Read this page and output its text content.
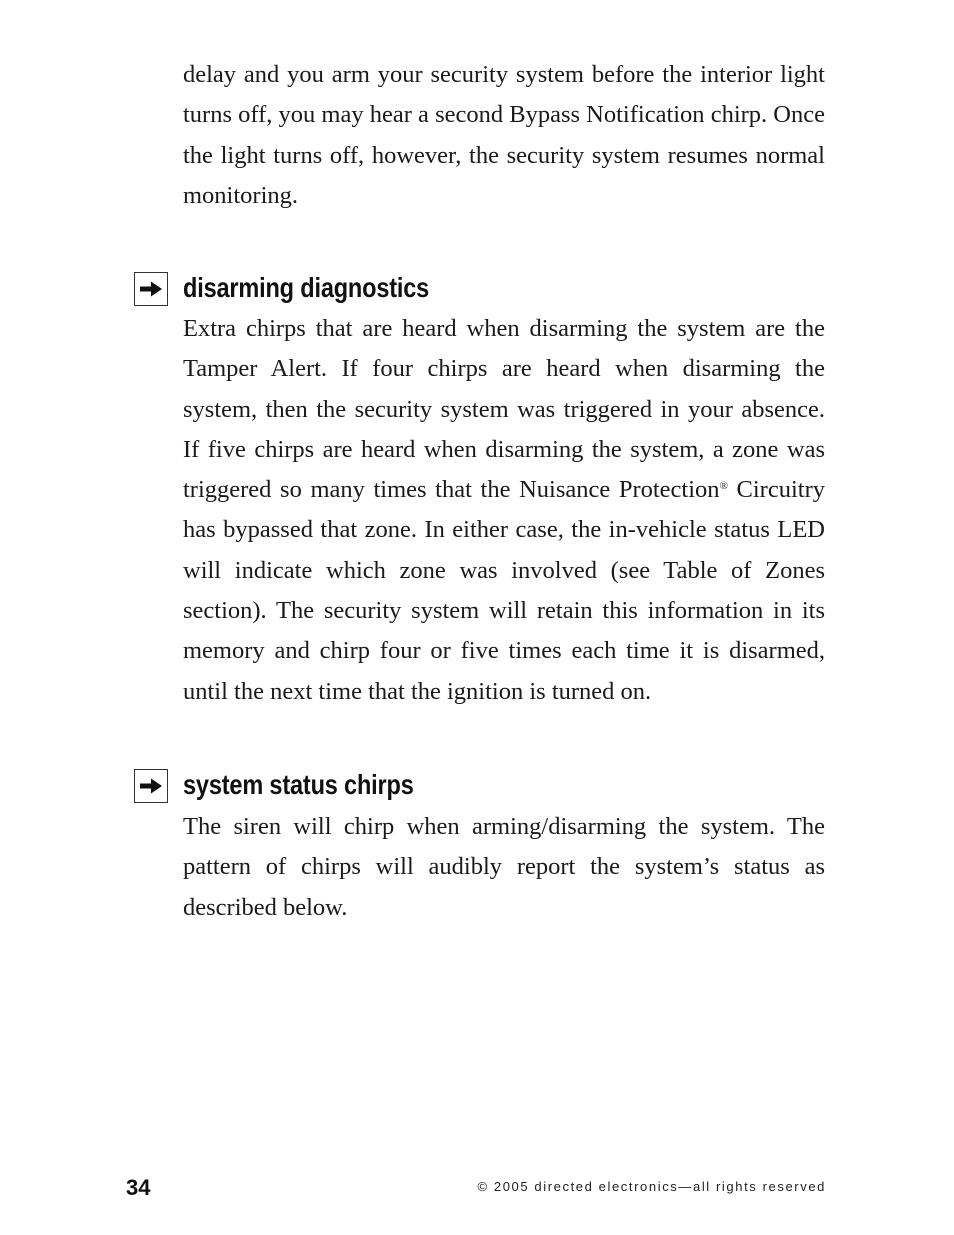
delay and you arm your security system before the interior light turns off, you may hear a second Bypass Notification chirp. Once the light turns off, however, the security system resumes normal monitoring.

disarming diagnostics

Extra chirps that are heard when disarming the system are the Tamper Alert. If four chirps are heard when disarming the system, then the security system was triggered in your absence. If five chirps are heard when disarming the system, a zone was triggered so many times that the Nuisance Protection® Circuitry has bypassed that zone. In either case, the in-vehicle status LED will indicate which zone was involved (see Table of Zones section). The security system will retain this information in its memory and chirp four or five times each time it is disarmed, until the next time that the ignition is turned on.

system status chirps

The siren will chirp when arming/disarming the system. The pattern of chirps will audibly report the system’s status as described below.

34	© 2005 directed electronics—all rights reserved
